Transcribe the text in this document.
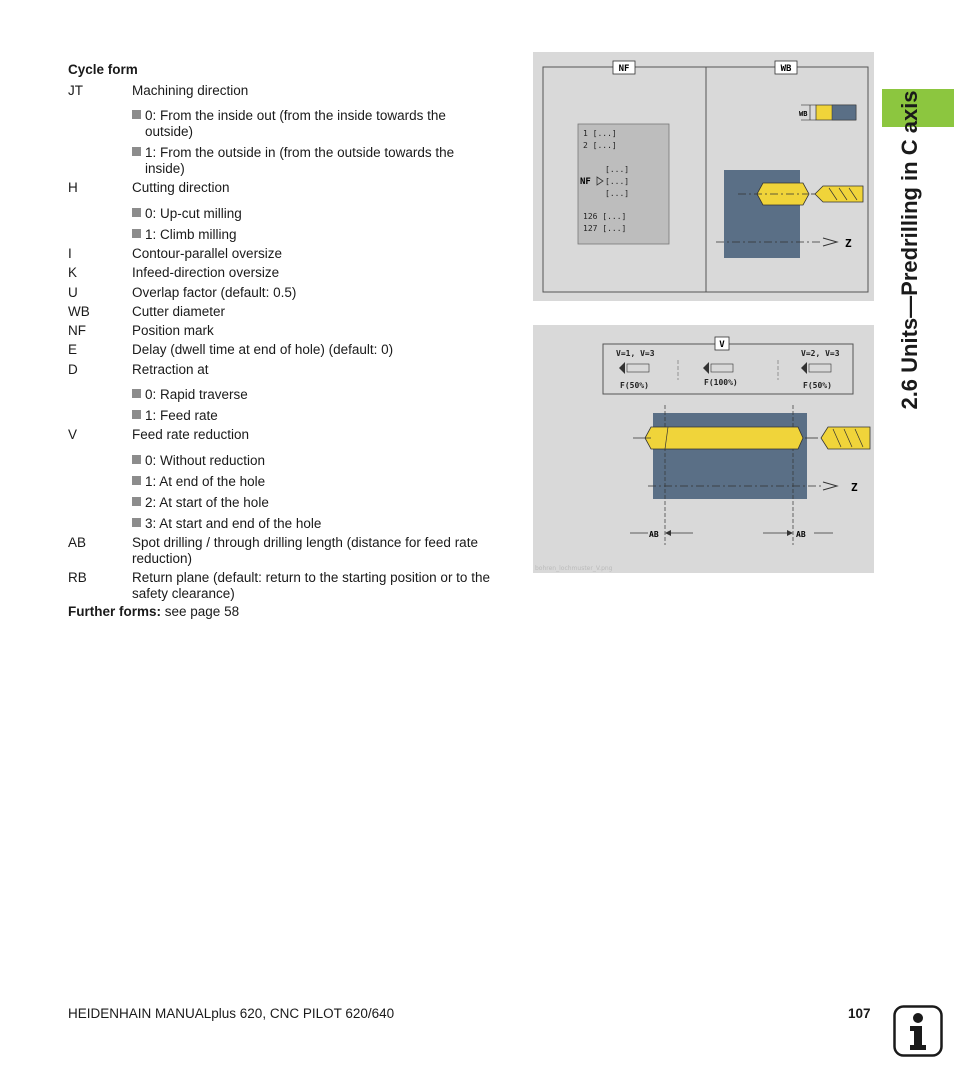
Cycle form
JT	Machining direction
0: From the inside out (from the inside towards the outside)
1: From the outside in (from the outside towards the inside)
H	Cutting direction
0: Up-cut milling
1: Climb milling
I	Contour-parallel oversize
K	Infeed-direction oversize
U	Overlap factor (default: 0.5)
WB	Cutter diameter
NF	Position mark
E	Delay (dwell time at end of hole) (default: 0)
D	Retraction at
0: Rapid traverse
1: Feed rate
V	Feed rate reduction
0: Without reduction
1: At end of the hole
2: At start of the hole
3: At start and end of the hole
AB	Spot drilling / through drilling length (distance for feed rate reduction)
RB	Return plane (default: return to the starting position or to the safety clearance)
Further forms: see page 58
2.6 Units—Predrilling in C axis
NF	WB
1 [...]
2 [...]
[...]
[...]
[...]
126 [...]
127 [...]
NF
Z
WB
V
V=1, V=3	V=2, V=3
F(50%)	F(100%)	F(50%)
Z
AB	AB
bohren_lochmuster_V.png
HEIDENHAIN MANUALplus 620, CNC PILOT 620/640	107
